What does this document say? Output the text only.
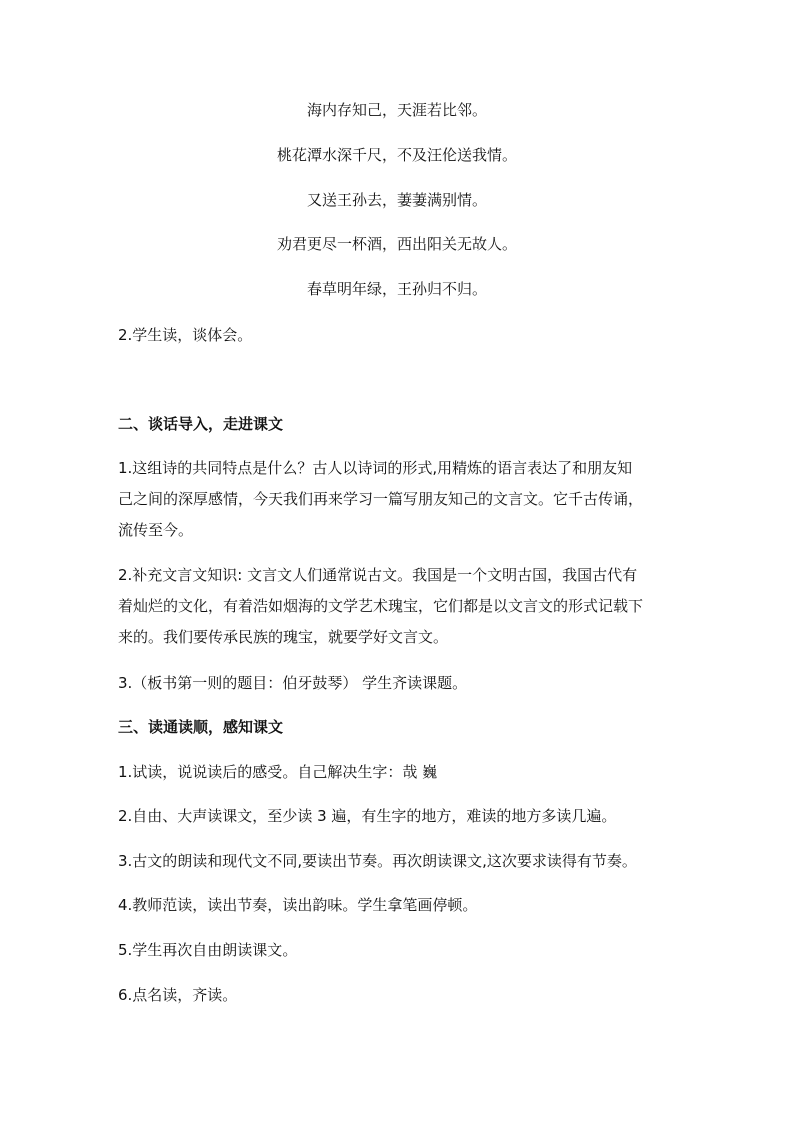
海内存知己，天涯若比邻。
桃花潭水深千尺，不及汪伦送我情。
又送王孙去，萋萋满别情。
劝君更尽一杯酒，西出阳关无故人。
春草明年绿，王孙归不归。
2.学生读，谈体会。
二、谈话导入，走进课文
1.这组诗的共同特点是什么？古人以诗词的形式,用精炼的语言表达了和朋友知
己之间的深厚感情，今天我们再来学习一篇写朋友知己的文言文。它千古传诵，
流传至今。
2.补充文言文知识: 文言文人们通常说古文。我国是一个文明古国，我国古代有
着灿烂的文化，有着浩如烟海的文学艺术瑰宝，它们都是以文言文的形式记载下
来的。我们要传承民族的瑰宝，就要学好文言文。
3.（板书第一则的题目：伯牙鼓琴） 学生齐读课题。
三、读通读顺，感知课文
1.试读，说说读后的感受。自己解决生字：哉 巍
2.自由、大声读课文，至少读 3 遍，有生字的地方，难读的地方多读几遍。
3.古文的朗读和现代文不同,要读出节奏。再次朗读课文,这次要求读得有节奏。
4.教师范读，读出节奏，读出韵味。学生拿笔画停顿。
5.学生再次自由朗读课文。
6.点名读，齐读。
